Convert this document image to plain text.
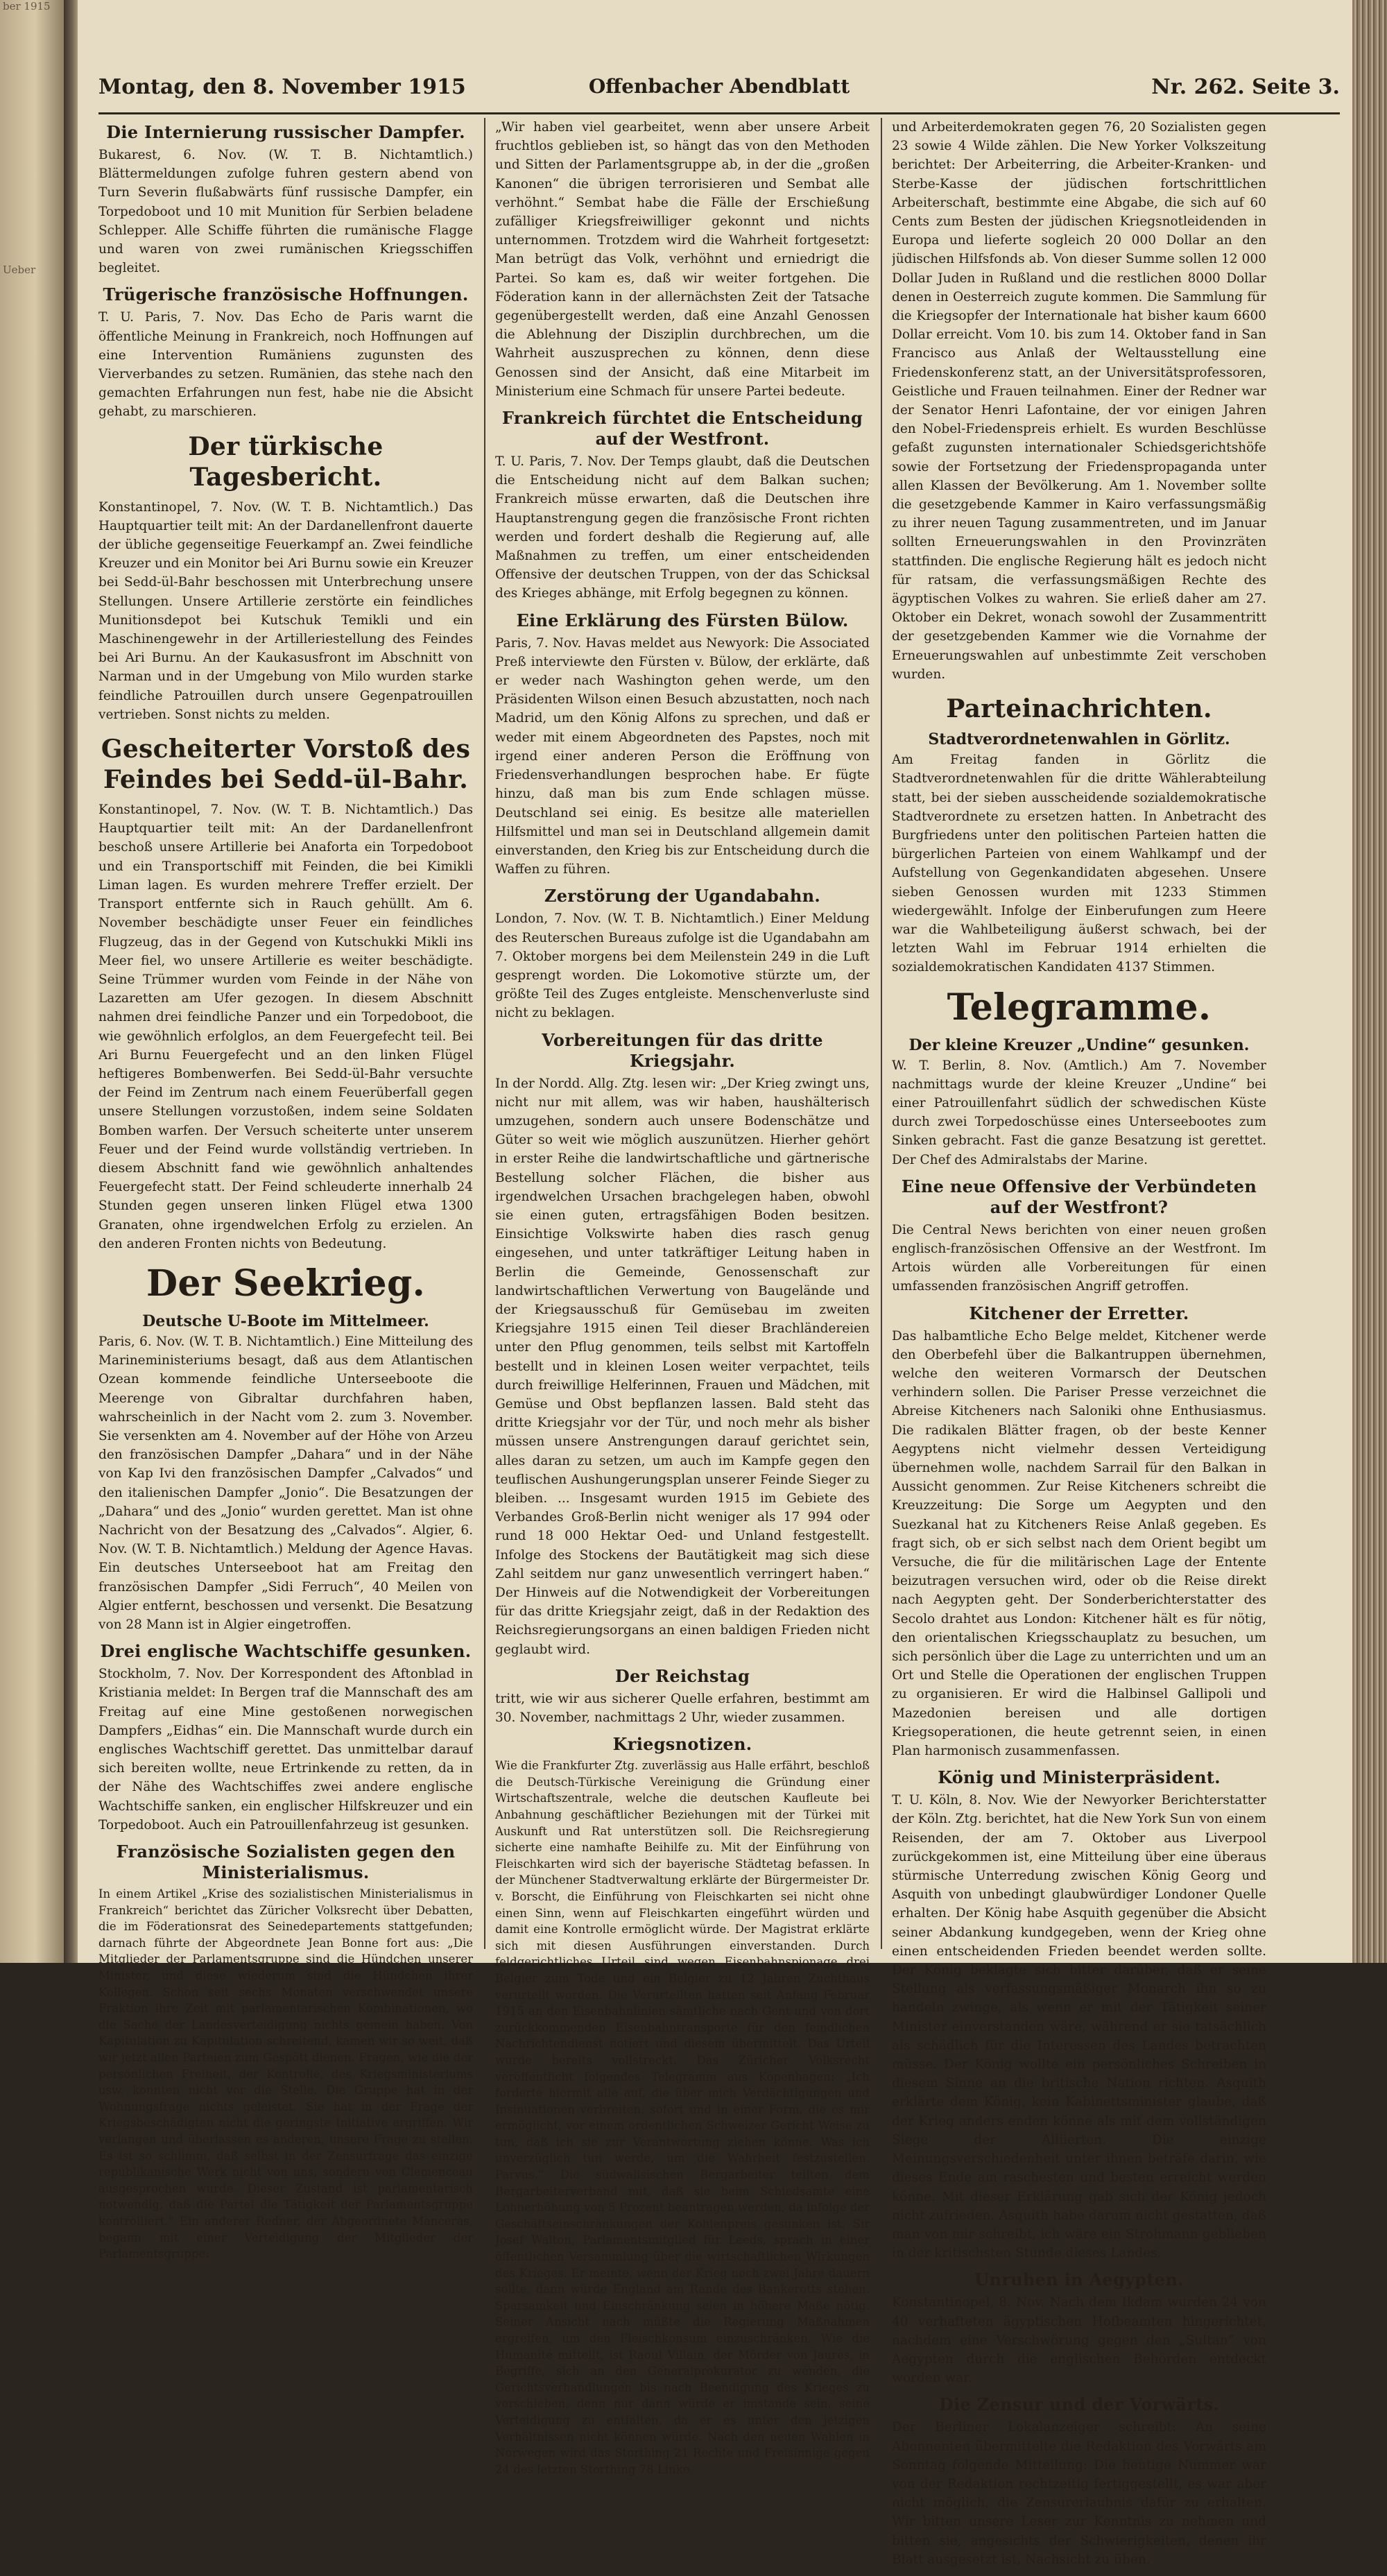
ber 1915

Ueber

Montag, den 8. November 1915	Offenbacher Abendblatt	Nr. 262. Seite 3.
Die Internierung russischer Dampfer.

Bukarest, 6. Nov. (W. T. B. Nichtamtlich.) Blättermeldungen zufolge fuhren gestern abend von Turn Severin flußabwärts fünf russische Dampfer, ein Torpedoboot und 10 mit Munition für Serbien beladene Schlepper. Alle Schiffe führten die rumänische Flagge und waren von zwei rumänischen Kriegsschiffen begleitet.

Trügerische französische Hoffnungen.

T. U. Paris, 7. Nov. Das Echo de Paris warnt die öffentliche Meinung in Frankreich, noch Hoffnungen auf eine Intervention Rumäniens zugunsten des Vierverbandes zu setzen. Rumänien, das stehe nach den gemachten Erfahrungen nun fest, habe nie die Absicht gehabt, zu marschieren.

Der türkische Tagesbericht.

Konstantinopel, 7. Nov. (W. T. B. Nichtamtlich.) Das Hauptquartier teilt mit: An der Dardanellenfront dauerte der übliche gegenseitige Feuerkampf an. Zwei feindliche Kreuzer und ein Monitor bei Ari Burnu sowie ein Kreuzer bei Sedd-ül-Bahr beschossen mit Unterbrechung unsere Stellungen. Unsere Artillerie zerstörte ein feindliches Munitionsdepot bei Kutschuk Temikli und ein Maschinengewehr in der Artilleriestellung des Feindes bei Ari Burnu. An der Kaukasusfront im Abschnitt von Narman und in der Umgebung von Milo wurden starke feindliche Patrouillen durch unsere Gegenpatrouillen vertrieben. Sonst nichts zu melden.

Gescheiterter Vorstoß des Feindes bei Sedd-ül-Bahr.

Konstantinopel, 7. Nov. (W. T. B. Nichtamtlich.) Das Hauptquartier teilt mit: An der Dardanellenfront beschoß unsere Artillerie bei Anaforta ein Torpedoboot und ein Transportschiff mit Feinden, die bei Kimikli Liman lagen. Es wurden mehrere Treffer erzielt. Der Transport entfernte sich in Rauch gehüllt. Am 6. November beschädigte unser Feuer ein feindliches Flugzeug, das in der Gegend von Kutschukki Mikli ins Meer fiel, wo unsere Artillerie es weiter beschädigte. Seine Trümmer wurden vom Feinde in der Nähe von Lazaretten am Ufer gezogen. In diesem Abschnitt nahmen drei feindliche Panzer und ein Torpedoboot, die wie gewöhnlich erfolglos, an dem Feuergefecht teil. Bei Ari Burnu Feuergefecht und an den linken Flügel heftigeres Bombenwerfen. Bei Sedd-ül-Bahr versuchte der Feind im Zentrum nach einem Feuerüberfall gegen unsere Stellungen vorzustoßen, indem seine Soldaten Bomben warfen. Der Versuch scheiterte unter unserem Feuer und der Feind wurde vollständig vertrieben. In diesem Abschnitt fand wie gewöhnlich anhaltendes Feuergefecht statt. Der Feind schleuderte innerhalb 24 Stunden gegen unseren linken Flügel etwa 1300 Granaten, ohne irgendwelchen Erfolg zu erzielen. An den anderen Fronten nichts von Bedeutung.

Der Seekrieg.
Deutsche U-Boote im Mittelmeer.

Paris, 6. Nov. (W. T. B. Nichtamtlich.) Eine Mitteilung des Marineministeriums besagt, daß aus dem Atlantischen Ozean kommende feindliche Unterseeboote die Meerenge von Gibraltar durchfahren haben, wahrscheinlich in der Nacht vom 2. zum 3. November. Sie versenkten am 4. November auf der Höhe von Arzeu den französischen Dampfer „Dahara“ und in der Nähe von Kap Ivi den französischen Dampfer „Calvados“ und den italienischen Dampfer „Jonio“. Die Besatzungen der „Dahara“ und des „Jonio“ wurden gerettet. Man ist ohne Nachricht von der Besatzung des „Calvados“. Algier, 6. Nov. (W. T. B. Nichtamtlich.) Meldung der Agence Havas. Ein deutsches Unterseeboot hat am Freitag den französischen Dampfer „Sidi Ferruch“, 40 Meilen von Algier entfernt, beschossen und versenkt. Die Besatzung von 28 Mann ist in Algier eingetroffen.

Drei englische Wachtschiffe gesunken.

Stockholm, 7. Nov. Der Korrespondent des Aftonblad in Kristiania meldet: In Bergen traf die Mannschaft des am Freitag auf eine Mine gestoßenen norwegischen Dampfers „Eidhas“ ein. Die Mannschaft wurde durch ein englisches Wachtschiff gerettet. Das unmittelbar darauf sich bereiten wollte, neue Ertrinkende zu retten, da in der Nähe des Wachtschiffes zwei andere englische Wachtschiffe sanken, ein englischer Hilfskreuzer und ein Torpedoboot. Auch ein Patrouillenfahrzeug ist gesunken.

Französische Sozialisten gegen den Ministerialismus.

In einem Artikel „Krise des sozialistischen Ministerialismus in Frankreich“ berichtet das Züricher Volksrecht über Debatten, die im Föderationsrat des Seinedepartements stattgefunden; darnach führte der Abgeordnete Jean Bonne fort aus: „Die Mitglieder der Parlamentsgruppe sind die Hündchen unserer Minister, und diese wiederum sind die Hündchen ihrer Kollegen. Schon seit sechs Monaten verschwendet unsere Fraktion ihre Zeit mit parlamentarischen Kombinationen, wo die Sache der Landesverteidigung nichts gemein haben. Von Kapitulation zu Kapitulation schreitend, kamen wir so weit, daß wir jetzt allen Parteien zum Gespött dienen. Fragen, wie die der persönlichen Freiheit, der Kontrolle, des Kriegsministeriums usw. konnten nicht vor die Stelle. Die Gruppe hat in der Wohnungsfrage nichts geleistet. Sie hat in der Frage der Kriegsbeschädigten nicht die geringste Initiative ergriffen. Wir verlangen und überlassen es anderen, unsere Frage zu stellen. Es ist so schlimm, daß selbst in der Zensurfrage das einzige republikanische Werk nicht von uns, sondern von Clemenceau ausgesprochen wurde. Dieser Zustand ist parlamentarisch notwendig, daß die Partei die Tätigkeit der Parlamentsgruppe kontrolliert.“ Ein anderer Redner, der Abgeordnete Manceras, begann mit einer Verteidigung der Mitglieder der Parlamentsgruppe:

„Wir haben viel gearbeitet, wenn aber unsere Arbeit fruchtlos geblieben ist, so hängt das von den Methoden und Sitten der Parlamentsgruppe ab, in der die „großen Kanonen“ die übrigen terrorisieren und Sembat alle verhöhnt.“ Sembat habe die Fälle der Erschießung zufälliger Kriegsfreiwilliger gekonnt und nichts unternommen. Trotzdem wird die Wahrheit fortgesetzt: Man betrügt das Volk, verhöhnt und erniedrigt die Partei. So kam es, daß wir weiter fortgehen. Die Föderation kann in der allernächsten Zeit der Tatsache gegenübergestellt werden, daß eine Anzahl Genossen die Ablehnung der Disziplin durchbrechen, um die Wahrheit auszusprechen zu können, denn diese Genossen sind der Ansicht, daß eine Mitarbeit im Ministerium eine Schmach für unsere Partei bedeute.

Frankreich fürchtet die Entscheidung auf der Westfront.

T. U. Paris, 7. Nov. Der Temps glaubt, daß die Deutschen die Entscheidung nicht auf dem Balkan suchen; Frankreich müsse erwarten, daß die Deutschen ihre Hauptanstrengung gegen die französische Front richten werden und fordert deshalb die Regierung auf, alle Maßnahmen zu treffen, um einer entscheidenden Offensive der deutschen Truppen, von der das Schicksal des Krieges abhänge, mit Erfolg begegnen zu können.

Eine Erklärung des Fürsten Bülow.

Paris, 7. Nov. Havas meldet aus Newyork: Die Associated Preß interviewte den Fürsten v. Bülow, der erklärte, daß er weder nach Washington gehen werde, um den Präsidenten Wilson einen Besuch abzustatten, noch nach Madrid, um den König Alfons zu sprechen, und daß er weder mit einem Abgeordneten des Papstes, noch mit irgend einer anderen Person die Eröffnung von Friedensverhandlungen besprochen habe. Er fügte hinzu, daß man bis zum Ende schlagen müsse. Deutschland sei einig. Es besitze alle materiellen Hilfsmittel und man sei in Deutschland allgemein damit einverstanden, den Krieg bis zur Entscheidung durch die Waffen zu führen.

Zerstörung der Ugandabahn.

London, 7. Nov. (W. T. B. Nichtamtlich.) Einer Meldung des Reuterschen Bureaus zufolge ist die Ugandabahn am 7. Oktober morgens bei dem Meilenstein 249 in die Luft gesprengt worden. Die Lokomotive stürzte um, der größte Teil des Zuges entgleiste. Menschenverluste sind nicht zu beklagen.

Vorbereitungen für das dritte Kriegsjahr.

In der Nordd. Allg. Ztg. lesen wir: „Der Krieg zwingt uns, nicht nur mit allem, was wir haben, haushälterisch umzugehen, sondern auch unsere Bodenschätze und Güter so weit wie möglich auszunützen. Hierher gehört in erster Reihe die landwirtschaftliche und gärtnerische Bestellung solcher Flächen, die bisher aus irgendwelchen Ursachen brachgelegen haben, obwohl sie einen guten, ertragsfähigen Boden besitzen. Einsichtige Volkswirte haben dies rasch genug eingesehen, und unter tatkräftiger Leitung haben in Berlin die Gemeinde, Genossenschaft zur landwirtschaftlichen Verwertung von Baugelände und der Kriegsausschuß für Gemüsebau im zweiten Kriegsjahre 1915 einen Teil dieser Brachländereien unter den Pflug genommen, teils selbst mit Kartoffeln bestellt und in kleinen Losen weiter verpachtet, teils durch freiwillige Helferinnen, Frauen und Mädchen, mit Gemüse und Obst bepflanzen lassen. Bald steht das dritte Kriegsjahr vor der Tür, und noch mehr als bisher müssen unsere Anstrengungen darauf gerichtet sein, alles daran zu setzen, um auch im Kampfe gegen den teuflischen Aushungerungsplan unserer Feinde Sieger zu bleiben. ... Insgesamt wurden 1915 im Gebiete des Verbandes Groß-Berlin nicht weniger als 17 994 oder rund 18 000 Hektar Oed- und Unland festgestellt. Infolge des Stockens der Bautätigkeit mag sich diese Zahl seitdem nur ganz unwesentlich verringert haben.“ Der Hinweis auf die Notwendigkeit der Vorbereitungen für das dritte Kriegsjahr zeigt, daß in der Redaktion des Reichsregierungsorgans an einen baldigen Frieden nicht geglaubt wird.

Der Reichstag

tritt, wie wir aus sicherer Quelle erfahren, bestimmt am 30. November, nachmittags 2 Uhr, wieder zusammen.

Kriegsnotizen.

Wie die Frankfurter Ztg. zuverlässig aus Halle erfährt, beschloß die Deutsch-Türkische Vereinigung die Gründung einer Wirtschaftszentrale, welche die deutschen Kaufleute bei Anbahnung geschäftlicher Beziehungen mit der Türkei mit Auskunft und Rat unterstützen soll. Die Reichsregierung sicherte eine namhafte Beihilfe zu. Mit der Einführung von Fleischkarten wird sich der bayerische Städtetag befassen. In der Münchener Stadtverwaltung erklärte der Bürgermeister Dr. v. Borscht, die Einführung von Fleischkarten sei nicht ohne einen Sinn, wenn auf Fleischkarten eingeführt würden und damit eine Kontrolle ermöglicht würde. Der Magistrat erklärte sich mit diesen Ausführungen einverstanden. Durch feldgerichtliches Urteil sind wegen Eisenbahnspionage drei Belgier zum Tode und ein Belgier zu 12 Jahren Zuchthaus verurteilt worden. Die Verurteilten hatten seit Anfang Februar 1915 an den Eisenbahnlinien sämtliche nach Gent und von dort zurückkommenden Eisenbahntransporte für den feindlichen Nachrichtendienst notiert und diesem übermittelt. Das Urteil wurde bereits vollstreckt. Das Züricher Volksrecht veröffentlicht folgendes Telegramm aus Kopenhagen: „Ich forderte hiermit alle auf, die über mich Verdächtigungen und Insinuationen verbreiten, sofort und in einer Form, die es mir ermöglicht, vor einem ordentlichen Schweizer Gericht Weise zu tun, daß ich sie zur Verantwortung ziehen könne. Was ich unverzüglich tun werde, um die Wahrheit festzustellen. Parvus.“ Die südwalisischen Bergarbeiter teilten dem Bergarbeiterverband mit, daß sie beim Schiedsamte eine Lohnerhöhung von 5 Prozent beantragen werden, da infolge der Geschäftseinschränkungen der Kohlenpreis gesunken ist. Sir Josef Walton, Parlamentsmitglied für Leeds, sprach in einer öffentlichen Versammlung über die wirtschaftlichen Wirkungen des Krieges. Er meinte, wenn der Krieg noch zwei Jahre dauern sollte, dann würde England am Rande des Bankerotts stehen. Sparsamkeit und Einschränkung seien in höhere Maße nötig. Seiner Ansicht nach müßte die Regierung Maßnahmen ergreifen, um den Fleischkonsum einzuschränken. Wie die Humanité mitteilt, ist Raoul Villain, der Mörder von Jaurès, in Begriffe, sich an den Generalprokurator zu wenden, die Gerichtsverhandlungen bis nach Beendigung des Krieges zu verschieben, denn nur dann würde er imstande sein, seine Verteidigung zu entfalten, da er es unter den jetzigen Verhältnissen nicht können würde. Nach den neuen Wahlen in Norwegen wird das Storthing 21 Rechte und Freisinnige gegen 24 des letzten Storthing 78 Linke

und Arbeiterdemokraten gegen 76, 20 Sozialisten gegen 23 sowie 4 Wilde zählen. Die New Yorker Volkszeitung berichtet: Der Arbeiterring, die Arbeiter-Kranken- und Sterbe-Kasse der jüdischen fortschrittlichen Arbeiterschaft, bestimmte eine Abgabe, die sich auf 60 Cents zum Besten der jüdischen Kriegsnotleidenden in Europa und lieferte sogleich 20 000 Dollar an den jüdischen Hilfsfonds ab. Von dieser Summe sollen 12 000 Dollar Juden in Rußland und die restlichen 8000 Dollar denen in Oesterreich zugute kommen. Die Sammlung für die Kriegsopfer der Internationale hat bisher kaum 6600 Dollar erreicht. Vom 10. bis zum 14. Oktober fand in San Francisco aus Anlaß der Weltausstellung eine Friedenskonferenz statt, an der Universitätsprofessoren, Geistliche und Frauen teilnahmen. Einer der Redner war der Senator Henri Lafontaine, der vor einigen Jahren den Nobel-Friedenspreis erhielt. Es wurden Beschlüsse gefaßt zugunsten internationaler Schiedsgerichtshöfe sowie der Fortsetzung der Friedenspropaganda unter allen Klassen der Bevölkerung. Am 1. November sollte die gesetzgebende Kammer in Kairo verfassungsmäßig zu ihrer neuen Tagung zusammentreten, und im Januar sollten Erneuerungswahlen in den Provinzräten stattfinden. Die englische Regierung hält es jedoch nicht für ratsam, die verfassungsmäßigen Rechte des ägyptischen Volkes zu wahren. Sie erließ daher am 27. Oktober ein Dekret, wonach sowohl der Zusammentritt der gesetzgebenden Kammer wie die Vornahme der Erneuerungswahlen auf unbestimmte Zeit verschoben wurden.

Parteinachrichten.
Stadtverordnetenwahlen in Görlitz.

Am Freitag fanden in Görlitz die Stadtverordnetenwahlen für die dritte Wählerabteilung statt, bei der sieben ausscheidende sozialdemokratische Stadtverordnete zu ersetzen hatten. In Anbetracht des Burgfriedens unter den politischen Parteien hatten die bürgerlichen Parteien von einem Wahlkampf und der Aufstellung von Gegenkandidaten abgesehen. Unsere sieben Genossen wurden mit 1233 Stimmen wiedergewählt. Infolge der Einberufungen zum Heere war die Wahlbeteiligung äußerst schwach, bei der letzten Wahl im Februar 1914 erhielten die sozialdemokratischen Kandidaten 4137 Stimmen.

Telegramme.
Der kleine Kreuzer „Undine“ gesunken.

W. T. Berlin, 8. Nov. (Amtlich.) Am 7. November nachmittags wurde der kleine Kreuzer „Undine“ bei einer Patrouillenfahrt südlich der schwedischen Küste durch zwei Torpedoschüsse eines Unterseebootes zum Sinken gebracht. Fast die ganze Besatzung ist gerettet. Der Chef des Admiralstabs der Marine.

Eine neue Offensive der Verbündeten auf der Westfront?

Die Central News berichten von einer neuen großen englisch-französischen Offensive an der Westfront. Im Artois würden alle Vorbereitungen für einen umfassenden französischen Angriff getroffen.

Kitchener der Erretter.

Das halbamtliche Echo Belge meldet, Kitchener werde den Oberbefehl über die Balkantruppen übernehmen, welche den weiteren Vormarsch der Deutschen verhindern sollen. Die Pariser Presse verzeichnet die Abreise Kitcheners nach Saloniki ohne Enthusiasmus. Die radikalen Blätter fragen, ob der beste Kenner Aegyptens nicht vielmehr dessen Verteidigung übernehmen wolle, nachdem Sarrail für den Balkan in Aussicht genommen. Zur Reise Kitcheners schreibt die Kreuzzeitung: Die Sorge um Aegypten und den Suezkanal hat zu Kitcheners Reise Anlaß gegeben. Es fragt sich, ob er sich selbst nach dem Orient begibt um Versuche, die für die militärischen Lage der Entente beizutragen versuchen wird, oder ob die Reise direkt nach Aegypten geht. Der Sonderberichterstatter des Secolo drahtet aus London: Kitchener hält es für nötig, den orientalischen Kriegsschauplatz zu besuchen, um sich persönlich über die Lage zu unterrichten und um an Ort und Stelle die Operationen der englischen Truppen zu organisieren. Er wird die Halbinsel Gallipoli und Mazedonien bereisen und alle dortigen Kriegsoperationen, die heute getrennt seien, in einen Plan harmonisch zusammenfassen.

König und Ministerpräsident.

T. U. Köln, 8. Nov. Wie der Newyorker Berichterstatter der Köln. Ztg. berichtet, hat die New York Sun von einem Reisenden, der am 7. Oktober aus Liverpool zurückgekommen ist, eine Mitteilung über eine überaus stürmische Unterredung zwischen König Georg und Asquith von unbedingt glaubwürdiger Londoner Quelle erhalten. Der König habe Asquith gegenüber die Absicht seiner Abdankung kundgegeben, wenn der Krieg ohne einen entscheidenden Frieden beendet werden sollte. Der König beklagte sich bitter darüber, daß er seine Stellung als verfassungsmäßiger Monarch ihn so zu handeln zwinge, als wenn er mit der Tätigkeit seiner Minister einverstanden wäre, während er sie tatsächlich als schädlich für die Interessen des Landes betrachten müsse. Der König wollte ein persönliches Schreiben in diesem Sinne an die britische Nation richten. Asquith erklärte dem König, kein Kabinettsminister glaube, daß der Krieg anders enden könne als mit dem vollständigen Siege der Alliierten. Die einzige Meinungsverschiedenheit unter ihnen beträfe darin, wie dieses Ende am raschesten und besten erreicht werden könne. Mit dieser Erklärung gab sich der König jedoch nicht zufrieden. Asquith habe darum nicht gestatten, daß man von mir schreibt, ich wäre ein Strohmann geblieben in der kritischsten Stunde dieses Landes.

Unruhen in Aegypten.

Konstantinopel, 8. Nov. Nach dem Ikdam wurden 24 von 40 verhafteten ägyptischen Hofbeamten hingerichtet, nachdem eine Verschwörung gegen den „Sultan“ von Aegypten durch die englischen Behörden entdeckt worden war.

Die Zensur und der Vorwärts.

Der Berliner Lokalanzeiger schreibt: An seine Abonnenten übermittelte die Redaktion des Vorwärts am Sonntag folgende Mitteilung: Die heutige Nummer war von der Redaktion rechtzeitig fertiggestellt, es war aber nicht möglich, die Zensurerlaubnis dafür zu erhalten. Wir bitten unsere Leser zur Kenntnis zu nehmen und bitten sie, angesichts der Schwierigkeiten, denen ihr Blatt ausgesetzt ist, Nachsicht zu üben.
